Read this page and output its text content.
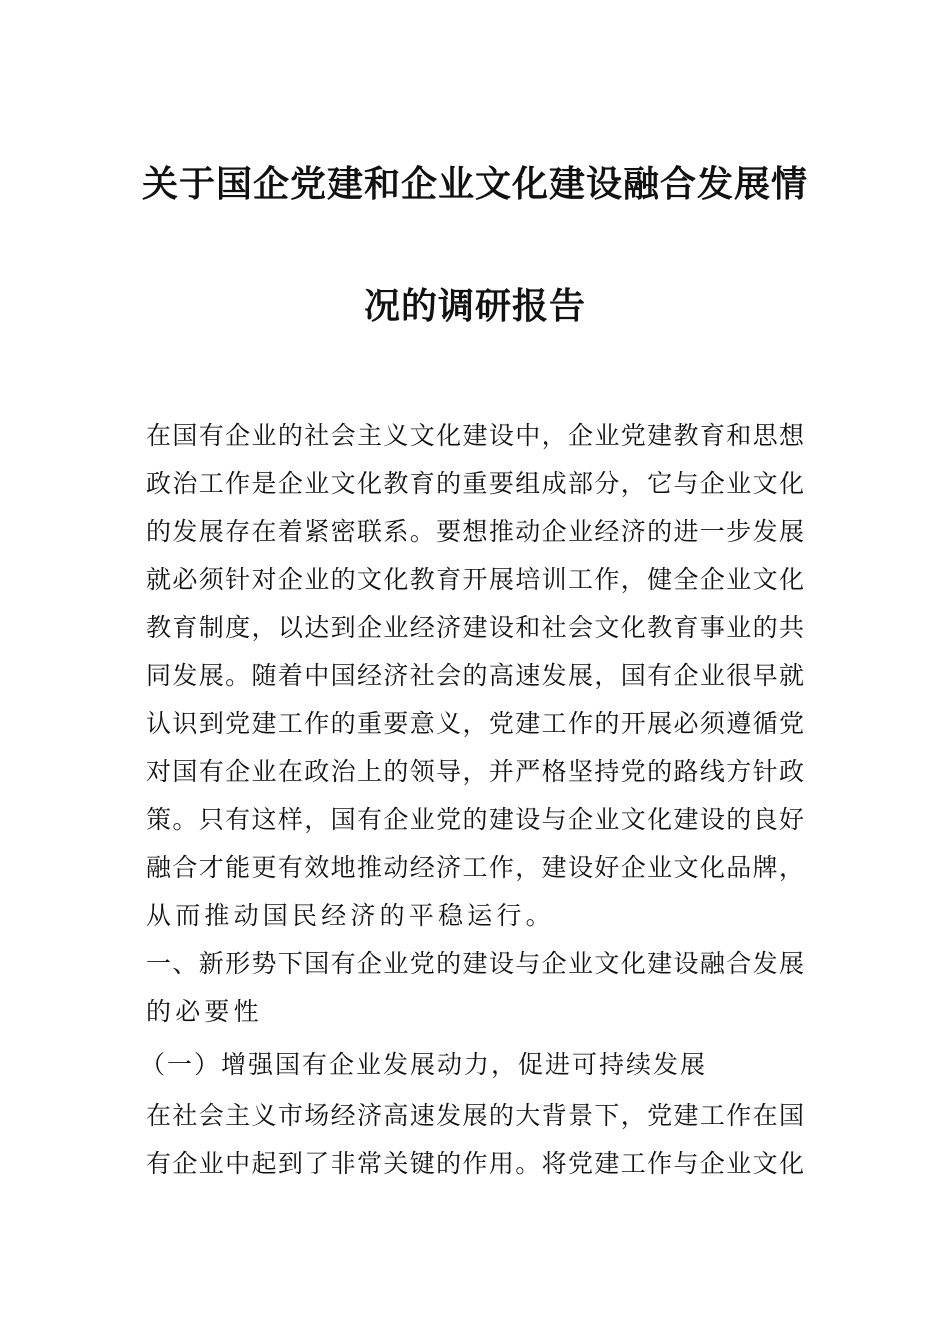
关于国企党建和企业文化建设融合发展情
况的调研报告
在国有企业的社会主义文化建设中，企业党建教育和思想
政治工作是企业文化教育的重要组成部分，它与企业文化
的发展存在着紧密联系。要想推动企业经济的进一步发展
就必须针对企业的文化教育开展培训工作，健全企业文化
教育制度，以达到企业经济建设和社会文化教育事业的共
同发展。随着中国经济社会的高速发展，国有企业很早就
认识到党建工作的重要意义，党建工作的开展必须遵循党
对国有企业在政治上的领导，并严格坚持党的路线方针政
策。只有这样，国有企业党的建设与企业文化建设的良好
融合才能更有效地推动经济工作，建设好企业文化品牌，
从而推动国民经济的平稳运行。
一、新形势下国有企业党的建设与企业文化建设融合发展
的必要性
（一）增强国有企业发展动力，促进可持续发展
在社会主义市场经济高速发展的大背景下，党建工作在国
有企业中起到了非常关键的作用。将党建工作与企业文化
